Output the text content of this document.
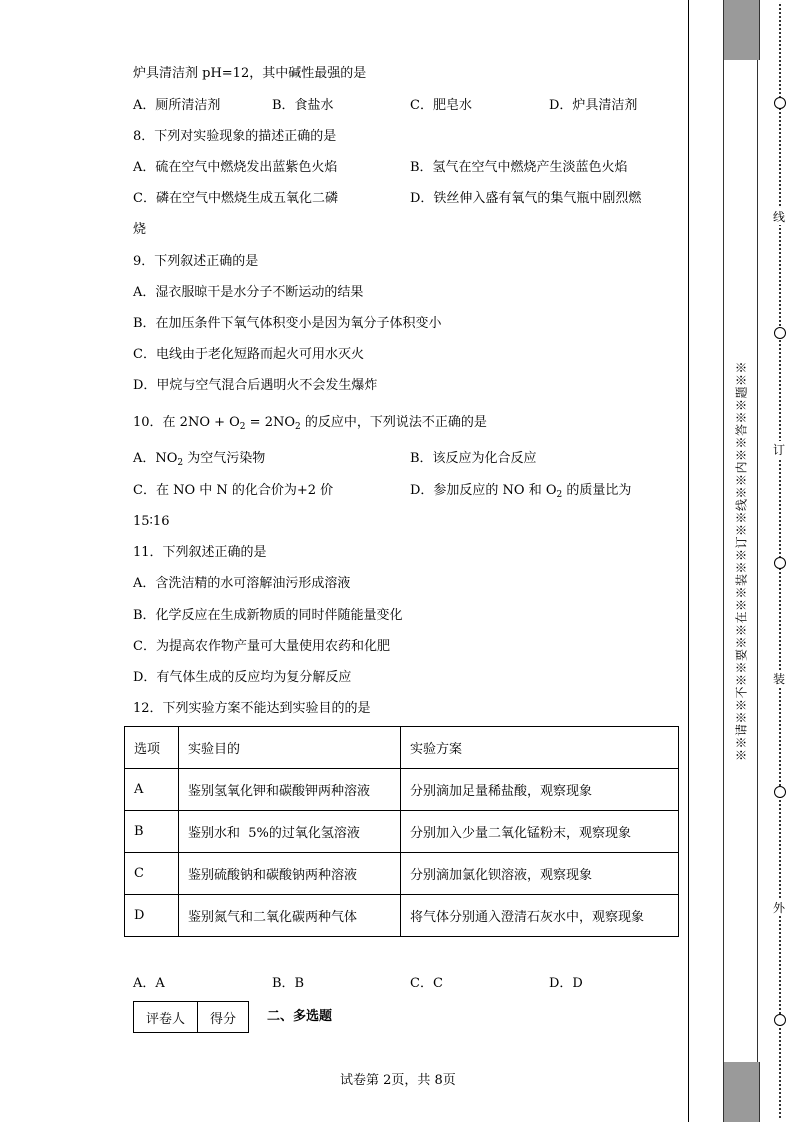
炉具清洁剂 pH=12，其中碱性最强的是
A．厕所清洁剂	B．食盐水	C．肥皂水	D．炉具清洁剂
8．下列对实验现象的描述正确的是
A．硫在空气中燃烧发出蓝紫色火焰	B．氢气在空气中燃烧产生淡蓝色火焰
C．磷在空气中燃烧生成五氧化二磷	D．铁丝伸入盛有氧气的集气瓶中剧烈燃
烧
9．下列叙述正确的是
A．湿衣服晾干是水分子不断运动的结果
B．在加压条件下氧气体积变小是因为氧分子体积变小
C．电线由于老化短路而起火可用水灭火
D．甲烷与空气混合后遇明火不会发生爆炸
10．在 $2NO + O_2 = 2NO_2$ 的反应中，下列说法不正确的是
A．$NO_2$ 为空气污染物	B．该反应为化合反应
C．在 NO 中 N 的化合价为+2 价	D．参加反应的 NO 和 $O_2$ 的质量比为
15∶16
11．下列叙述正确的是
A．含洗洁精的水可溶解油污形成溶液
B．化学反应在生成新物质的同时伴随能量变化
C．为提高农作物产量可大量使用农药和化肥
D．有气体生成的反应均为复分解反应
12．下列实验方案不能达到实验目的的是
选项	实验目的	实验方案
A	鉴别氢氧化钾和碳酸钾两种溶液	分别滴加足量稀盐酸，观察现象
B	鉴别水和  5%的过氧化氢溶液	分别加入少量二氧化锰粉末，观察现象
C	鉴别硫酸钠和碳酸钠两种溶液	分别滴加氯化钡溶液，观察现象
D	鉴别氮气和二氧化碳两种气体	将气体分别通入澄清石灰水中，观察现象
A．A	B．B	C．C	D．D
评卷人	得分 二、多选题
试卷第 2页，共 8页
※※请※※不※※要※※在※※装※※订※※线※※内※※答※※题※※
线
订
装
外
